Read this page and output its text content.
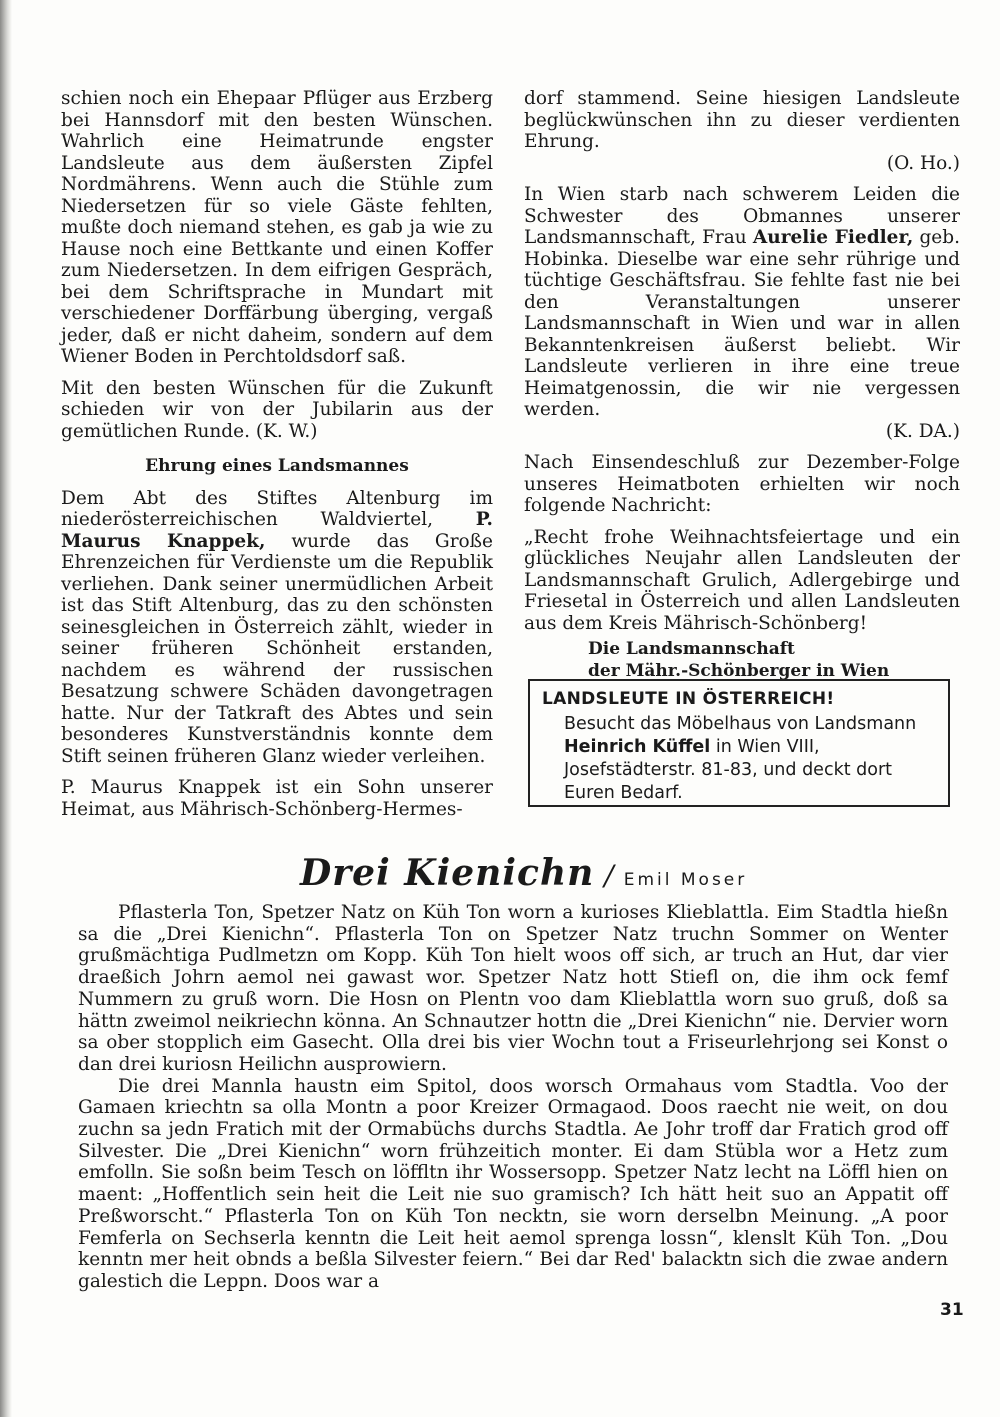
schien noch ein Ehepaar Pflüger aus Erzberg bei Hannsdorf mit den besten Wünschen. Wahrlich eine Heimatrunde engster Landsleute aus dem äußersten Zipfel Nordmährens. Wenn auch die Stühle zum Niedersetzen für so viele Gäste fehlten, mußte doch niemand stehen, es gab ja wie zu Hause noch eine Bettkante und einen Koffer zum Niedersetzen. In dem eifrigen Gespräch, bei dem Schriftsprache in Mundart mit verschiedener Dorffärbung überging, vergaß jeder, daß er nicht daheim, sondern auf dem Wiener Boden in Perchtoldsdorf saß.

Mit den besten Wünschen für die Zukunft schieden wir von der Jubilarin aus der gemütlichen Runde. (K. W.)

Ehrung eines Landsmannes

Dem Abt des Stiftes Altenburg im niederösterreichischen Waldviertel, P. Maurus Knappek, wurde das Große Ehrenzeichen für Verdienste um die Republik verliehen. Dank seiner unermüdlichen Arbeit ist das Stift Altenburg, das zu den schönsten seinesgleichen in Österreich zählt, wieder in seiner früheren Schönheit erstanden, nachdem es während der russischen Besatzung schwere Schäden davongetragen hatte. Nur der Tatkraft des Abtes und sein besonderes Kunstverständnis konnte dem Stift seinen früheren Glanz wieder verleihen.

P. Maurus Knappek ist ein Sohn unserer Heimat, aus Mährisch-Schönberg-Hermes-

dorf stammend. Seine hiesigen Landsleute beglückwünschen ihn zu dieser verdienten Ehrung.
(O. Ho.)

In Wien starb nach schwerem Leiden die Schwester des Obmannes unserer Landsmannschaft, Frau Aurelie Fiedler, geb. Hobinka. Dieselbe war eine sehr rührige und tüchtige Geschäftsfrau. Sie fehlte fast nie bei den Veranstaltungen unserer Landsmannschaft in Wien und war in allen Bekanntenkreisen äußerst beliebt. Wir Landsleute verlieren in ihre eine treue Heimatgenossin, die wir nie vergessen werden.
(K. DA.)

Nach Einsendeschluß zur Dezember-Folge unseres Heimatboten erhielten wir noch folgende Nachricht:

„Recht frohe Weihnachtsfeiertage und ein glückliches Neujahr allen Landsleuten der Landsmannschaft Grulich, Adlergebirge und Friesetal in Österreich und allen Landsleuten aus dem Kreis Mährisch-Schönberg!

Die Landsmannschaft
der Mähr.-Schönberger in Wien
LANDSLEUTE IN ÖSTERREICH!
Besucht das Möbelhaus von Landsmann Heinrich Küffel in Wien VIII, Josefstädterstr. 81-83, und deckt dort Euren Bedarf.
Drei Kienichn / Emil Moser

Pflasterla Ton, Spetzer Natz on Küh Ton worn a kurioses Klieblattla. Eim Stadtla hießn sa die „Drei Kienichn“. Pflasterla Ton on Spetzer Natz truchn Sommer on Wenter grußmächtiga Pudlmetzn om Kopp. Küh Ton hielt woos off sich, ar truch an Hut, dar vier draeßich Johrn aemol nei gawast wor. Spetzer Natz hott Stiefl on, die ihm ock femf Nummern zu gruß worn. Die Hosn on Plentn voo dam Klieblattla worn suo gruß, doß sa hättn zweimol neikriechn könna. An Schnautzer hottn die „Drei Kienichn“ nie. Dervier worn sa ober stopplich eim Gasecht. Olla drei bis vier Wochn tout a Friseurlehrjong sei Konst o dan drei kuriosn Heilichn ausprowiern.

Die drei Mannla haustn eim Spitol, doos worsch Ormahaus vom Stadtla. Voo der Gamaen kriechtn sa olla Montn a poor Kreizer Ormagaod. Doos raecht nie weit, on dou zuchn sa jedn Fratich mit der Ormabüchs durchs Stadtla. Ae Johr troff dar Fratich grod off Silvester. Die „Drei Kienichn“ worn frühzeitich monter. Ei dam Stübla wor a Hetz zum emfolln. Sie soßn beim Tesch on löffltn ihr Wossersopp. Spetzer Natz lecht na Löffl hien on maent: „Hoffentlich sein heit die Leit nie suo gramisch? Ich hätt heit suo an Appatit off Preßworscht.“ Pflasterla Ton on Küh Ton necktn, sie worn derselbn Meinung. „A poor Femferla on Sechserla kenntn die Leit heit aemol sprenga lossn“, klenslt Küh Ton. „Dou kenntn mer heit obnds a beßla Silvester feiern.“ Bei dar Red' balacktn sich die zwae andern galestich die Leppn. Doos war a

31
